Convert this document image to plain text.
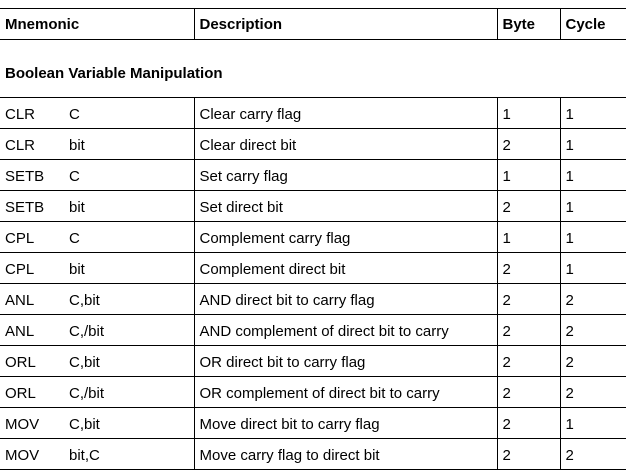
Mnemonic	Description	Byte	Cycle
Boolean Variable Manipulation
CLR C	Clear carry flag	1	1
CLR bit	Clear direct bit	2	1
SETB C	Set carry flag	1	1
SETB bit	Set direct bit	2	1
CPL C	Complement carry flag	1	1
CPL bit	Complement direct bit	2	1
ANL C,bit	AND direct bit to carry flag	2	2
ANL C,/bit	AND complement of direct bit to carry	2	2
ORL C,bit	OR direct bit to carry flag	2	2
ORL C,/bit	OR complement of direct bit to carry	2	2
MOV C,bit	Move direct bit to carry flag	2	1
MOV bit,C	Move carry flag to direct bit	2	2
